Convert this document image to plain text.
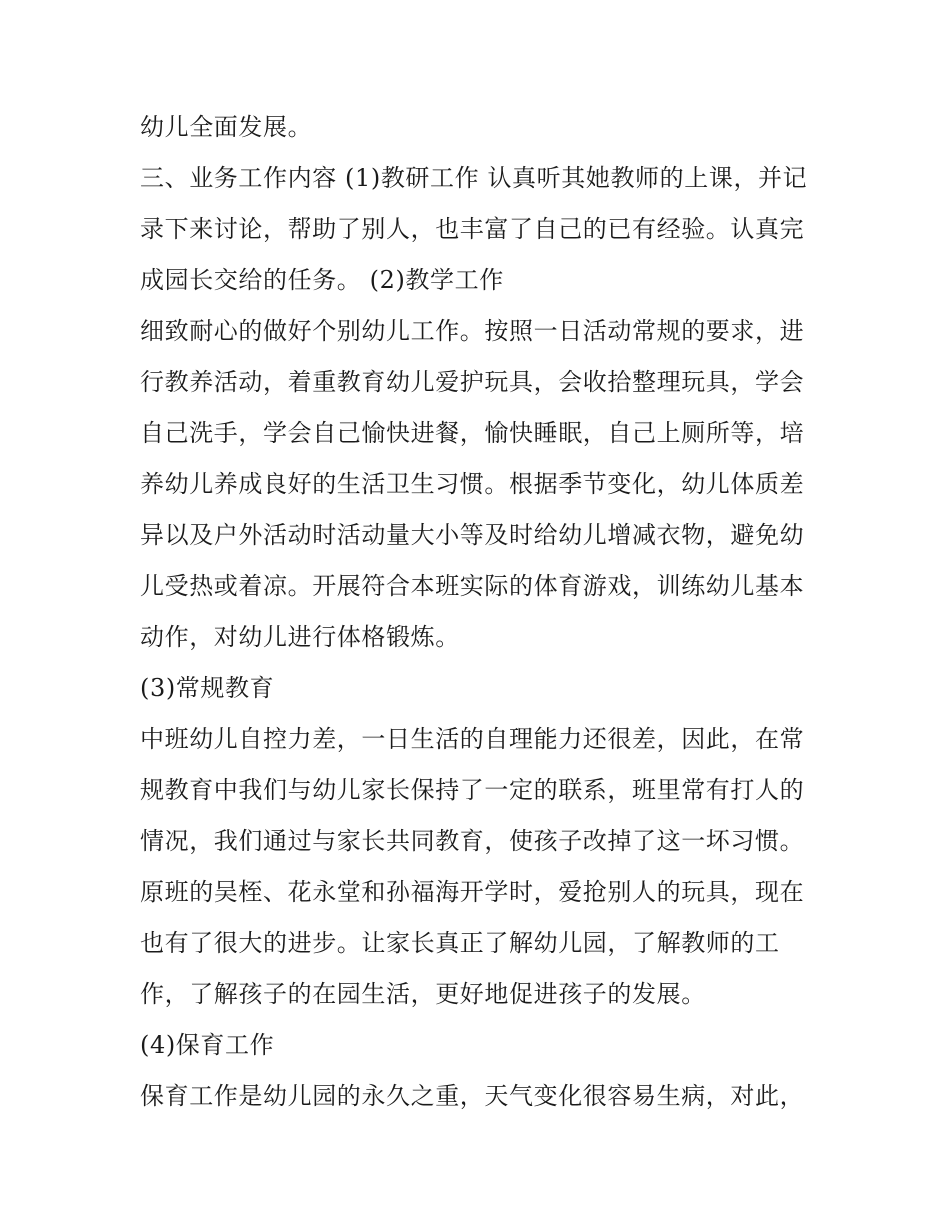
幼儿全面发展。
三、业务工作内容 (1)教研工作 认真听其她教师的上课，并记
录下来讨论，帮助了别人，也丰富了自己的已有经验。认真完
成园长交给的任务。 (2)教学工作
细致耐心的做好个别幼儿工作。按照一日活动常规的要求，进
行教养活动，着重教育幼儿爱护玩具，会收拾整理玩具，学会
自己洗手，学会自己愉快进餐，愉快睡眠，自己上厕所等，培
养幼儿养成良好的生活卫生习惯。根据季节变化，幼儿体质差
异以及户外活动时活动量大小等及时给幼儿增减衣物，避免幼
儿受热或着凉。开展符合本班实际的体育游戏，训练幼儿基本
动作，对幼儿进行体格锻炼。
(3)常规教育
中班幼儿自控力差，一日生活的自理能力还很差，因此，在常
规教育中我们与幼儿家长保持了一定的联系，班里常有打人的
情况，我们通过与家长共同教育，使孩子改掉了这一坏习惯。
原班的吴桎、花永堂和孙福海开学时，爱抢别人的玩具，现在
也有了很大的进步。让家长真正了解幼儿园，了解教师的工
作，了解孩子的在园生活，更好地促进孩子的发展。
(4)保育工作
保育工作是幼儿园的永久之重，天气变化很容易生病，对此，
